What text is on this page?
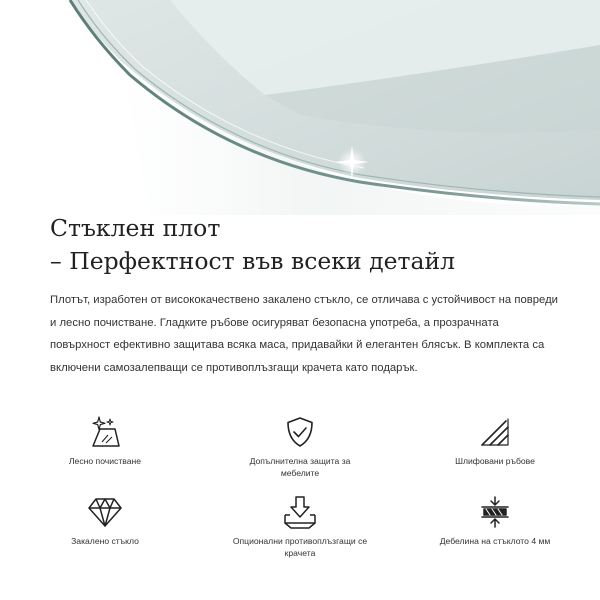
Стъклен плот
– Перфектност във всеки детайл
Плотът, изработен от висококачествено закалено стъкло, се отличава с устойчивост на повреди и лесно почистване. Гладките ръбове осигуряват безопасна употреба, а прозрачната повърхност ефективно защитава всяка маса, придавайки й елегантен блясък. В комплекта са включени самозалепващи се противоплъзгащи крачета като подарък.
Лесно почистване	Допълнителна защита за мебелите
Шлифовани ръбове
Закалено стъкло	Опционални противоплъзгащи се крачета
Дебелина на стъклото 4 мм
